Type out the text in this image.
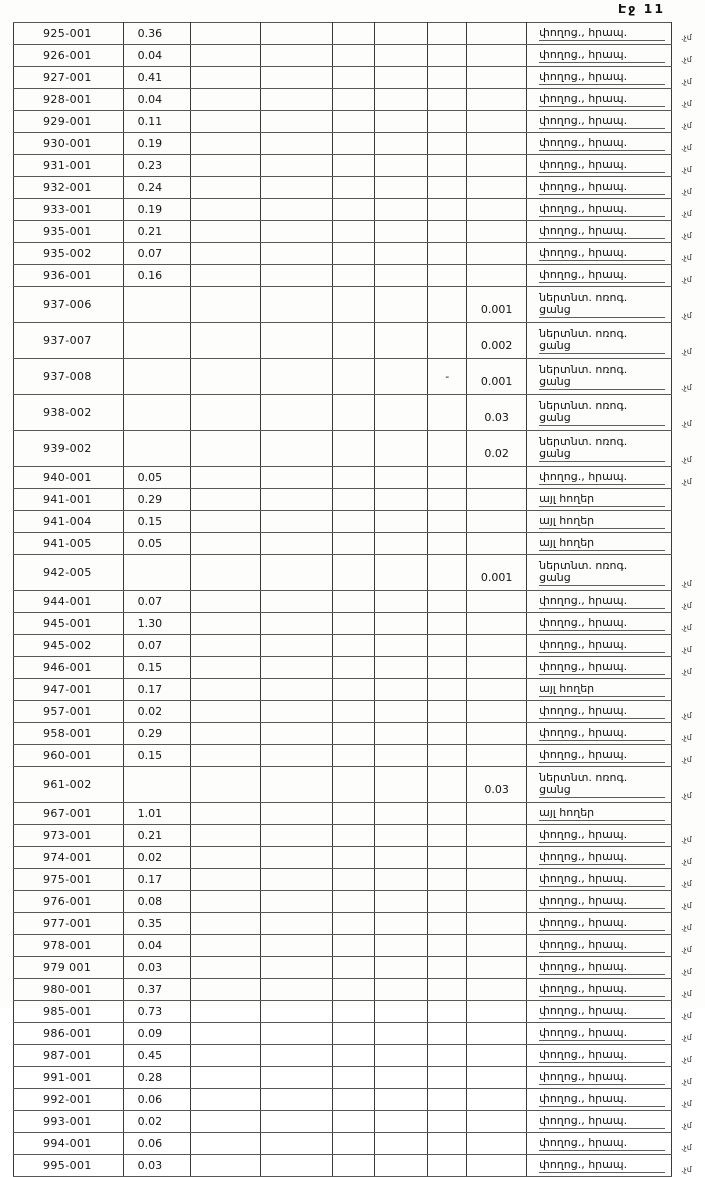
Էջ 11
925-001	0.36							փողոց., հրապ.	.չմ
926-001	0.04							փողոց., հրապ.	.չմ
927-001	0.41							փողոց., հրապ.	.չմ
928-001	0.04							փողոց., հրապ.	.չմ
929-001	0.11							փողոց., հրապ.	.չմ
930-001	0.19							փողոց., հրապ.	.չմ
931-001	0.23							փողոց., հրապ.	.չմ
932-001	0.24							փողոց., հրապ.	.չմ
933-001	0.19							փողոց., հրապ.	.չմ
935-001	0.21							փողոց., հրապ.	.չմ
935-002	0.07							փողոց., հրապ.	.չմ
936-001	0.16							փողոց., հրապ.	.չմ
937-006							0.001	ներտնտ. ոռոգ.
ցանց	.չմ
937-007							0.002	ներտնտ. ոռոգ.
ցանց	.չմ
937-008						-	0.001	ներտնտ. ոռոգ.
ցանց	.չմ
938-002							0.03	ներտնտ. ոռոգ.
ցանց	.չմ
939-002							0.02	ներտնտ. ոռոգ.
ցանց	.չմ
940-001	0.05							փողոց., հրապ.	.չմ
941-001	0.29							այլ հողեր	

941-004	0.15							այլ հողեր	

941-005	0.05							այլ հողեր	

942-005							0.001	ներտնտ. ոռոգ.
ցանց	.չմ
944-001	0.07							փողոց., հրապ.	.չմ
945-001	1.30							փողոց., հրապ.	.չմ
945-002	0.07							փողոց., հրապ.	.չմ
946-001	0.15							փողոց., հրապ.	.չմ
947-001	0.17							այլ հողեր	

957-001	0.02							փողոց., հրապ.	.չմ
958-001	0.29							փողոց., հրապ.	.չմ
960-001	0.15							փողոց., հրապ.	.չմ
961-002							0.03	ներտնտ. ոռոգ.
ցանց	.չմ
967-001	1.01							այլ հողեր	

973-001	0.21							փողոց., հրապ.	.չմ
974-001	0.02							փողոց., հրապ.	.չմ
975-001	0.17							փողոց., հրապ.	.չմ
976-001	0.08							փողոց., հրապ.	.չմ
977-001	0.35							փողոց., հրապ.	.չմ
978-001	0.04							փողոց., հրապ.	.չմ
979 001	0.03							փողոց., հրապ.	.չմ
980-001	0.37							փողոց., հրապ.	.չմ
985-001	0.73							փողոց., հրապ.	.չմ
986-001	0.09							փողոց., հրապ.	.չմ
987-001	0.45							փողոց., հրապ.	.չմ
991-001	0.28							փողոց., հրապ.	.չմ
992-001	0.06							փողոց., հրապ.	.չմ
993-001	0.02							փողոց., հրապ.	.չմ
994-001	0.06							փողոց., հրապ.	.չմ
995-001	0.03							փողոց., հրապ.	.չմ
